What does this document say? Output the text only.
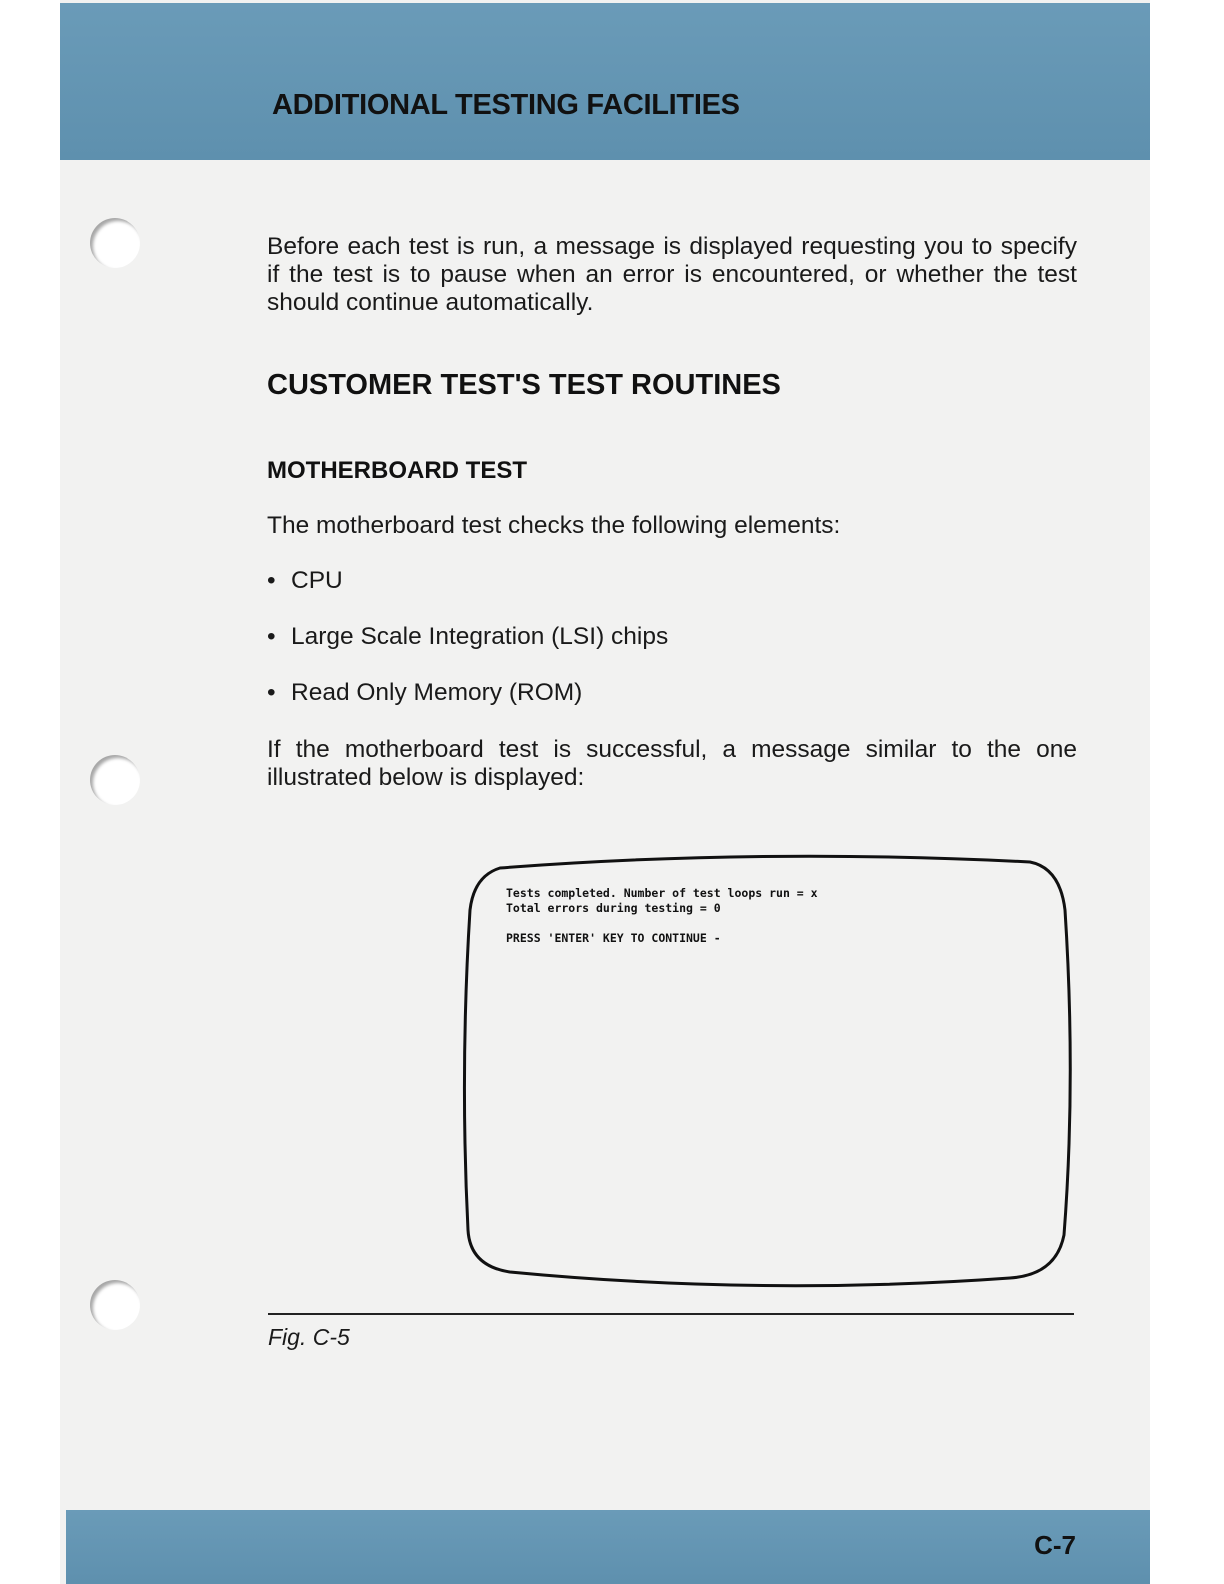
ADDITIONAL TESTING FACILITIES

Before each test is run, a message is displayed requesting you to specify if the test is to pause when an error is encountered, or whether the test should continue automatically.

CUSTOMER TEST'S TEST ROUTINES
MOTHERBOARD TEST

The motherboard test checks the following elements:

• CPU

• Large Scale Integration (LSI) chips

• Read Only Memory (ROM)

If the motherboard test is successful, a message similar to the one illustrated below is displayed:

Tests completed. Number of test loops run = x
Total errors during testing = 0

PRESS 'ENTER' KEY TO CONTINUE -
Fig. C-5
C-7
